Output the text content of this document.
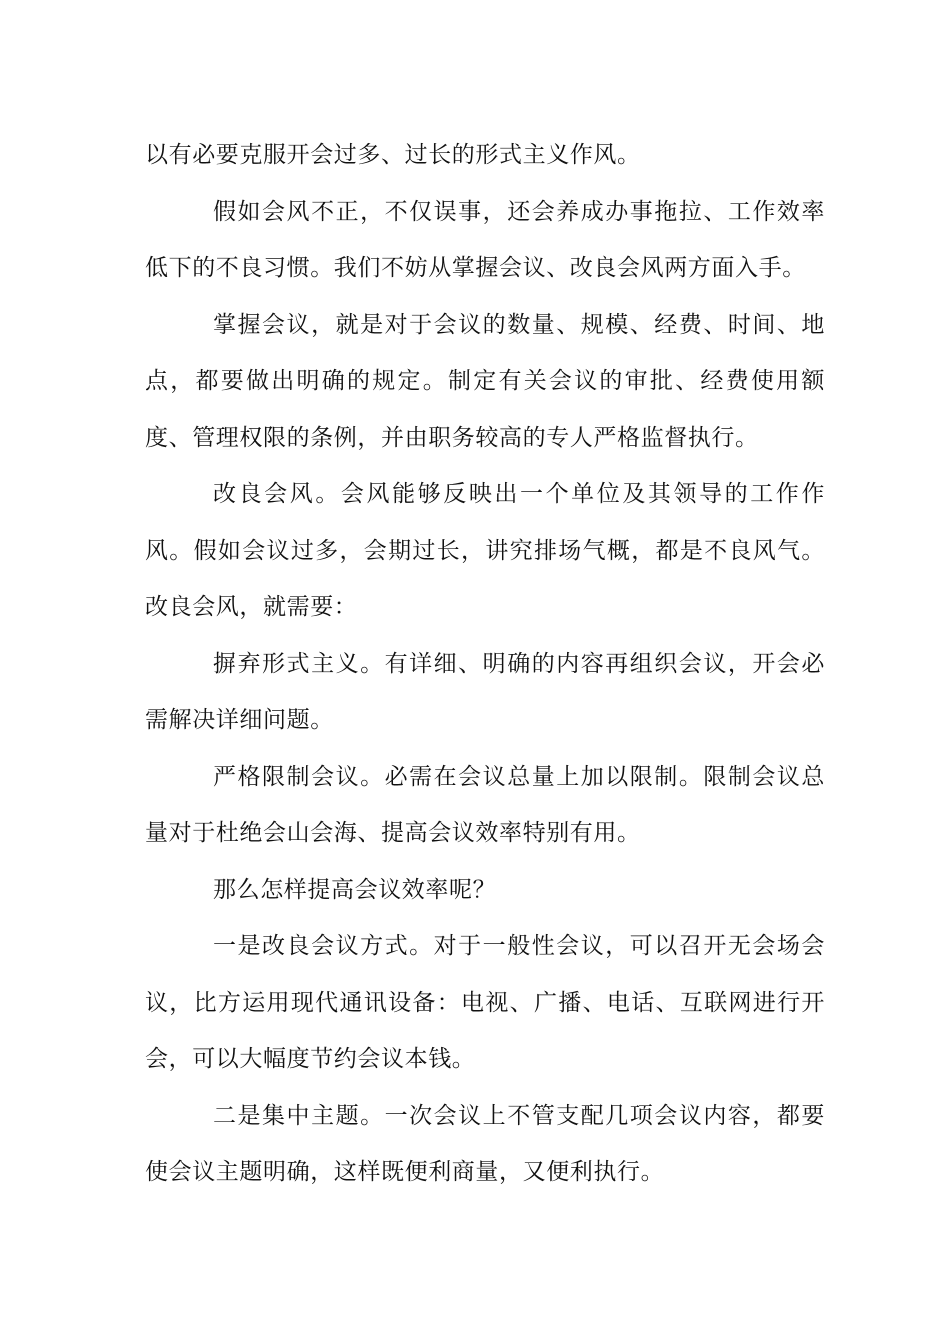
以有必要克服开会过多、过长的形式主义作风。

假如会风不正，不仅误事，还会养成办事拖拉、工作效率低下的不良习惯。我们不妨从掌握会议、改良会风两方面入手。

掌握会议，就是对于会议的数量、规模、经费、时间、地点，都要做出明确的规定。制定有关会议的审批、经费使用额度、管理权限的条例，并由职务较高的专人严格监督执行。

改良会风。会风能够反映出一个单位及其领导的工作作风。假如会议过多，会期过长，讲究排场气概，都是不良风气。改良会风，就需要：

摒弃形式主义。有详细、明确的内容再组织会议，开会必需解决详细问题。

严格限制会议。必需在会议总量上加以限制。限制会议总量对于杜绝会山会海、提高会议效率特别有用。

那么怎样提高会议效率呢？

一是改良会议方式。对于一般性会议，可以召开无会场会议，比方运用现代通讯设备：电视、广播、电话、互联网进行开会，可以大幅度节约会议本钱。

二是集中主题。一次会议上不管支配几项会议内容，都要使会议主题明确，这样既便利商量，又便利执行。
